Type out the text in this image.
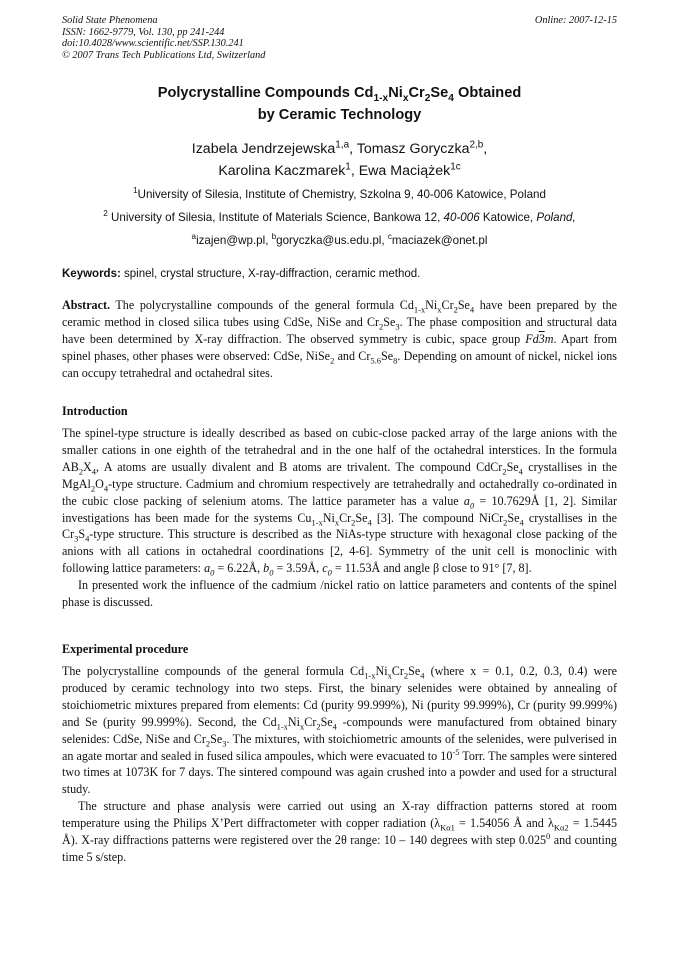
Solid State Phenomena
ISSN: 1662-9779, Vol. 130, pp 241-244
doi:10.4028/www.scientific.net/SSP.130.241
© 2007 Trans Tech Publications Ltd, Switzerland
Online: 2007-12-15
Polycrystalline Compounds $Cd_{1-x}Ni_xCr_2Se_4$ Obtained
by Ceramic Technology
Izabela Jendrzejewska$^{1,a}$, Tomasz Goryczka$^{2,b}$,
Karolina Kaczmarek$^1$, Ewa Maciążek$^{1c}$
$^1$University of Silesia, Institute of Chemistry, Szkolna 9, 40-006 Katowice, Poland
$^2$ University of Silesia, Institute of Materials Science, Bankowa 12, 40-006 Katowice, Poland,
$^a$izajen@wp.pl, $^b$goryczka@us.edu.pl, $^c$maciazek@onet.pl
Keywords: spinel, crystal structure, X-ray-diffraction, ceramic method.

Abstract. The polycrystalline compounds of the general formula $Cd_{1-x}Ni_xCr_2Se_4$ have been prepared by the ceramic method in closed silica tubes using CdSe, NiSe and $Cr_2Se_3$. The phase composition and structural data have been determined by X-ray diffraction. The observed symmetry is cubic, space group Fd3m. Apart from spinel phases, other phases were observed: CdSe, NiSe$_2$ and $Cr_{5.6}Se_8$. Depending on amount of nickel, nickel ions can occupy tetrahedral and octahedral sites.

Introduction

The spinel-type structure is ideally described as based on cubic-close packed array of the large anions with the smaller cations in one eighth of the tetrahedral and in the one half of the octahedral interstices. In the formula $AB_2X_4$, A atoms are usually divalent and B atoms are trivalent. The compound $CdCr_2Se_4$ crystallises in the $MgAl_2O_4$-type structure. Cadmium and chromium respectively are tetrahedrally and octahedrally co-ordinated in the cubic close packing of selenium atoms. The lattice parameter has a value $a_0$ = 10.7629Å [1, 2]. Similar investigations has been made for the systems $Cu_{1-x}Ni_xCr_2Se_4$ [3]. The compound $NiCr_2Se_4$ crystallises in the $Cr_3S_4$-type structure. This structure is described as the NiAs-type structure with hexagonal close packing of the anions with all cations in octahedral coordinations [2, 4-6]. Symmetry of the unit cell is monoclinic with following lattice parameters: $a_0$ = 6.22Å, $b_0$ = 3.59Å, $c_0$ = 11.53Å and angle β close to 91° [7, 8].

In presented work the influence of the cadmium /nickel ratio on lattice parameters and contents of the spinel phase is discussed.

Experimental procedure

The polycrystalline compounds of the general formula $Cd_{1-x}Ni_xCr_2Se_4$ (where x = 0.1, 0.2, 0.3, 0.4) were produced by ceramic technology into two steps. First, the binary selenides were obtained by annealing of stoichiometric mixtures prepared from elements: Cd (purity 99.999%), Ni (purity 99.999%), Cr (purity 99.999%) and Se (purity 99.999%). Second, the $Cd_{1-x}Ni_xCr_2Se_4$ -compounds were manufactured from obtained binary selenides: CdSe, NiSe and $Cr_2Se_3$. The mixtures, with stoichiometric amounts of the selenides, were pulverised in an agate mortar and sealed in fused silica ampoules, which were evacuated to $10^{-5}$ Torr. The samples were sintered two times at 1073K for 7 days. The sintered compound was again crushed into a powder and used for a structural study.

The structure and phase analysis were carried out using an X-ray diffraction patterns stored at room temperature using the Philips X’Pert diffractometer with copper radiation ($\lambda_{K\alpha 1} = 1.54056$ Å and $\lambda_{K\alpha 2} = 1.5445$ Å). X-ray diffractions patterns were registered over the 2θ range: 10 – 140 degrees with step 0.025$^0$ and counting time 5 s/step.
